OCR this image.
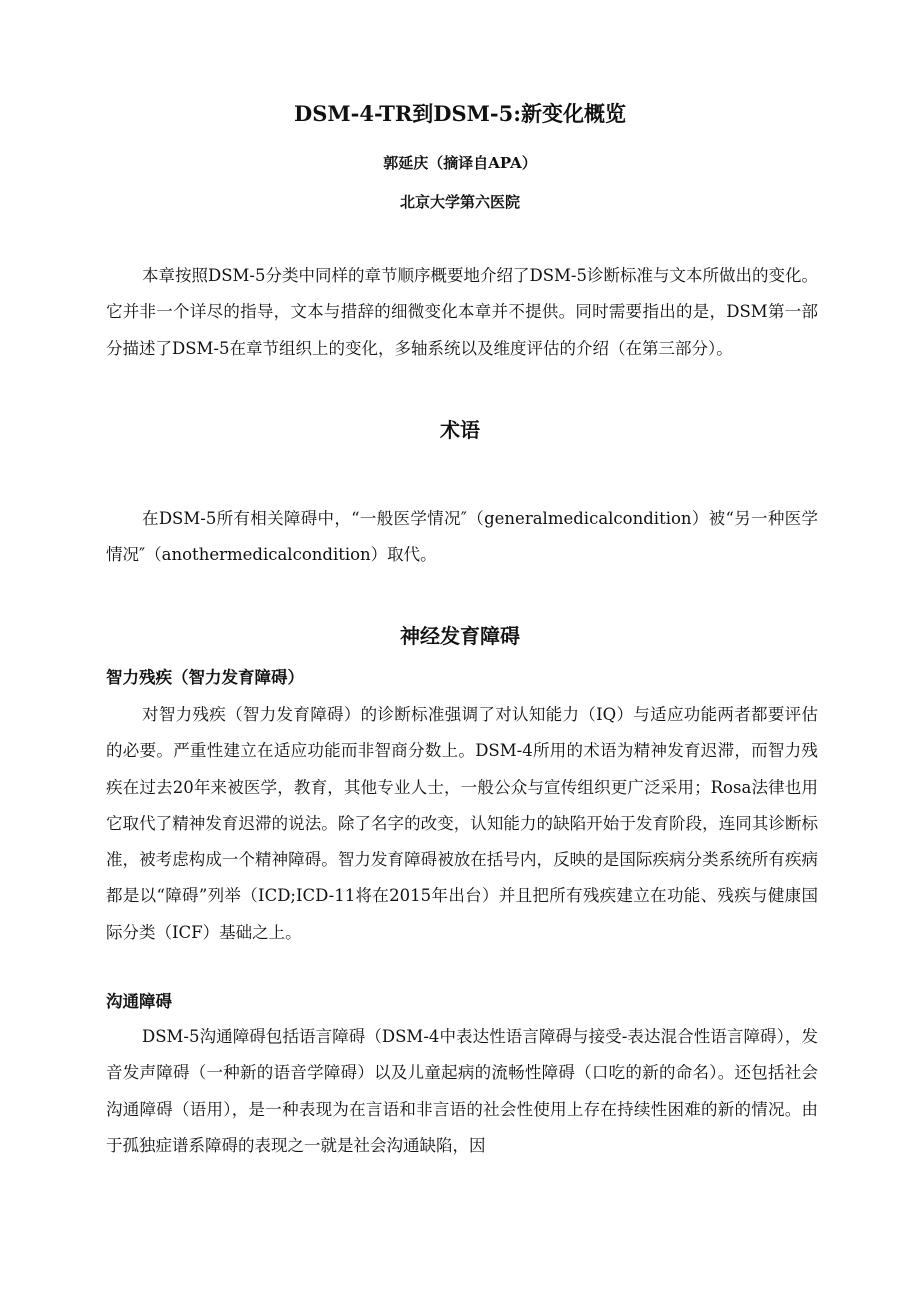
DSM-4-TR到DSM-5:新变化概览
郭延庆（摘译自APA）
北京大学第六医院

本章按照DSM-5分类中同样的章节顺序概要地介绍了DSM-5诊断标准与文本所做出的变化。它并非一个详尽的指导，文本与措辞的细微变化本章并不提供。同时需要指出的是，DSM第一部分描述了DSM-5在章节组织上的变化，多轴系统以及维度评估的介绍（在第三部分）。

术语

在DSM-5所有相关障碍中，“一般医学情况″（generalmedicalcondition）被“另一种医学情况″（anothermedicalcondition）取代。

神经发育障碍
智力残疾（智力发育障碍）

对智力残疾（智力发育障碍）的诊断标准强调了对认知能力（IQ）与适应功能两者都要评估的必要。严重性建立在适应功能而非智商分数上。DSM-4所用的术语为精神发育迟滞，而智力残疾在过去20年来被医学，教育，其他专业人士，一般公众与宣传组织更广泛采用；Rosa法律也用它取代了精神发育迟滞的说法。除了名字的改变，认知能力的缺陷开始于发育阶段，连同其诊断标准，被考虑构成一个精神障碍。智力发育障碍被放在括号内，反映的是国际疾病分类系统所有疾病都是以“障碍”列举（ICD;ICD-11将在2015年出台）并且把所有残疾建立在功能、残疾与健康国际分类（ICF）基础之上。

沟通障碍

DSM-5沟通障碍包括语言障碍（DSM-4中表达性语言障碍与接受-表达混合性语言障碍），发音发声障碍（一种新的语音学障碍）以及儿童起病的流畅性障碍（口吃的新的命名）。还包括社会沟通障碍（语用），是一种表现为在言语和非言语的社会性使用上存在持续性困难的新的情况。由于孤独症谱系障碍的表现之一就是社会沟通缺陷，因
